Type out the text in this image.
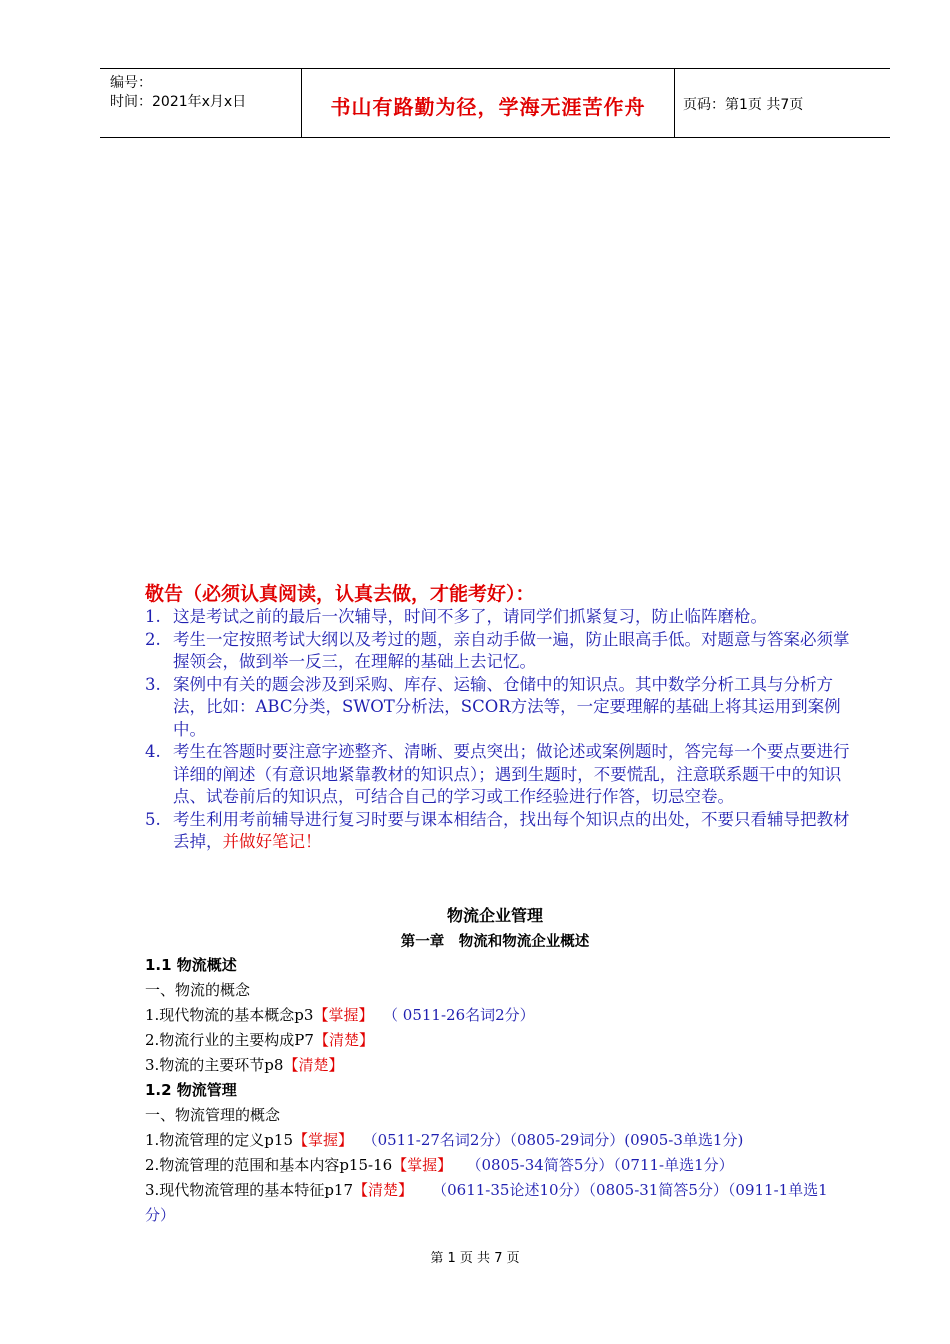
编号：
时间：2021年x月x日	书山有路勤为径，学海无涯苦作舟	页码：第1页 共7页
敬告（必须认真阅读，认真去做，才能考好）：
1. 这是考试之前的最后一次辅导，时间不多了，请同学们抓紧复习，防止临阵磨枪。
2. 考生一定按照考试大纲以及考过的题，亲自动手做一遍，防止眼高手低。对题意与答案必须掌握领会，做到举一反三，在理解的基础上去记忆。
3. 案例中有关的题会涉及到采购、库存、运输、仓储中的知识点。其中数学分析工具与分析方法，比如：ABC分类，SWOT分析法，SCOR方法等，一定要理解的基础上将其运用到案例中。
4. 考生在答题时要注意字迹整齐、清晰、要点突出；做论述或案例题时，答完每一个要点要进行详细的阐述（有意识地紧靠教材的知识点）；遇到生题时，不要慌乱，注意联系题干中的知识点、试卷前后的知识点，可结合自己的学习或工作经验进行作答，切忌空卷。
5. 考生利用考前辅导进行复习时要与课本相结合，找出每个知识点的出处，不要只看辅导把教材丢掉，并做好笔记！
物流企业管理
第一章　物流和物流企业概述
1.1 物流概述
一、物流的概念
1.现代物流的基本概念p3【掌握】 （ 0511-26名词2分）
2.物流行业的主要构成P7【清楚】
3.物流的主要环节p8【清楚】
1.2 物流管理
一、物流管理的概念
1.物流管理的定义p15【掌握】 （0511-27名词2分）（0805-29词分）(0905-3单选1分)
2.物流管理的范围和基本内容p15-16【掌握】 （0805-34简答5分）（0711-单选1分）
3.现代物流管理的基本特征p17【清楚】 （0611-35论述10分）（0805-31简答5分）（0911-1单选1分）
第 1 页 共 7 页
